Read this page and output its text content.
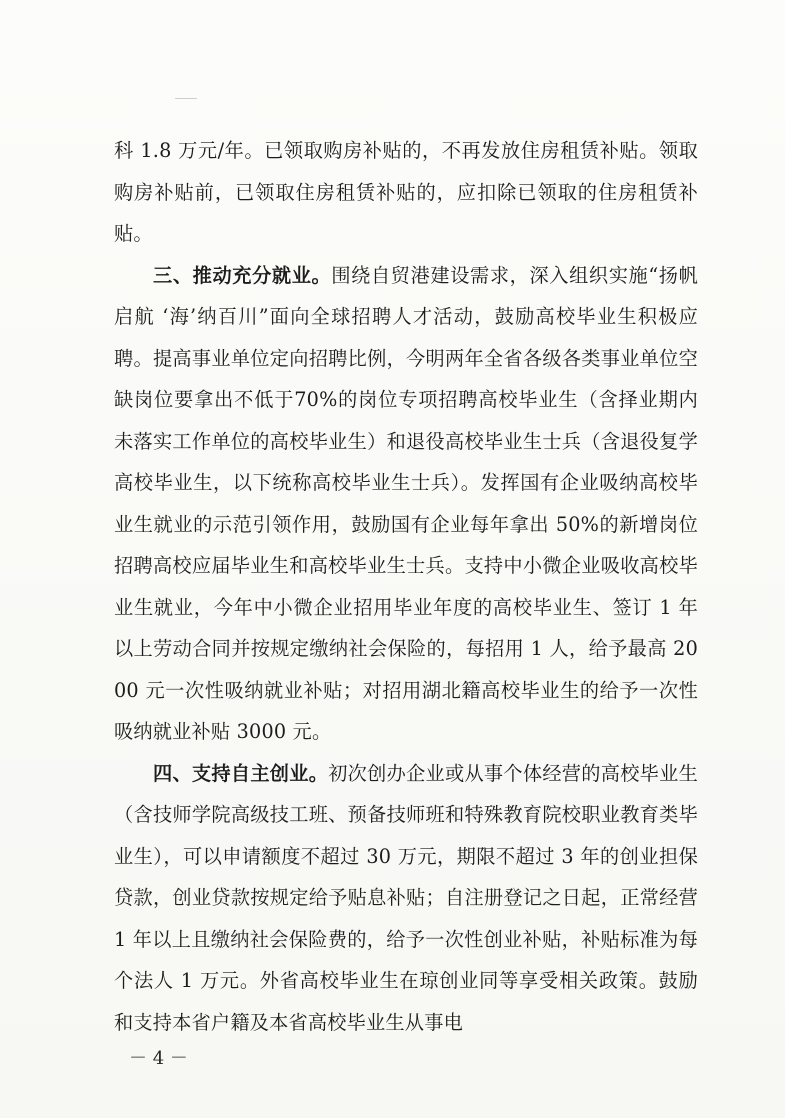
科 1.8 万元/年。已领取购房补贴的，不再发放住房租赁补贴。领取购房补贴前，已领取住房租赁补贴的，应扣除已领取的住房租赁补贴。

三、推动充分就业。围绕自贸港建设需求，深入组织实施“扬帆启航 ‘海’纳百川”面向全球招聘人才活动，鼓励高校毕业生积极应聘。提高事业单位定向招聘比例，今明两年全省各级各类事业单位空缺岗位要拿出不低于70%的岗位专项招聘高校毕业生（含择业期内未落实工作单位的高校毕业生）和退役高校毕业生士兵（含退役复学高校毕业生，以下统称高校毕业生士兵）。发挥国有企业吸纳高校毕业生就业的示范引领作用，鼓励国有企业每年拿出 50%的新增岗位招聘高校应届毕业生和高校毕业生士兵。支持中小微企业吸收高校毕业生就业，今年中小微企业招用毕业年度的高校毕业生、签订 1 年以上劳动合同并按规定缴纳社会保险的，每招用 1 人，给予最高 2000 元一次性吸纳就业补贴；对招用湖北籍高校毕业生的给予一次性吸纳就业补贴 3000 元。

四、支持自主创业。初次创办企业或从事个体经营的高校毕业生（含技师学院高级技工班、预备技师班和特殊教育院校职业教育类毕业生），可以申请额度不超过 30 万元，期限不超过 3 年的创业担保贷款，创业贷款按规定给予贴息补贴；自注册登记之日起，正常经营 1 年以上且缴纳社会保险费的，给予一次性创业补贴，补贴标准为每个法人 1 万元。外省高校毕业生在琼创业同等享受相关政策。鼓励和支持本省户籍及本省高校毕业生从事电

－ 4 －
